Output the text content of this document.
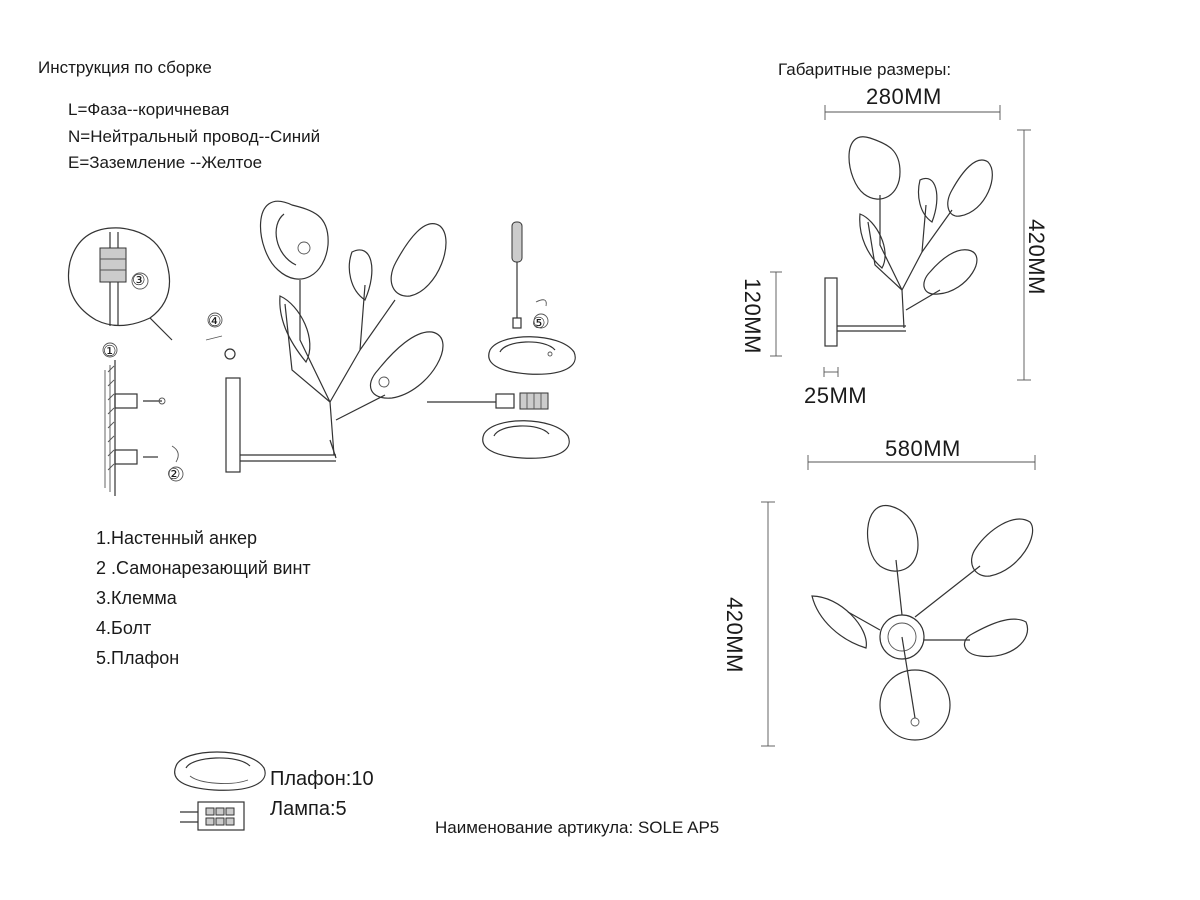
Инструкция по сборке	Габаритные размеры:
L=Фаза--коричневая
N=Нейтральный провод--Синий
E=Заземление --Желтое
1.Настенный анкер
2 .Самонарезающий винт
3.Клемма
4.Болт
5.Плафон
①
②
③
④	⑤
280MM
420MM
120MM
25MM
580MM
420MM
Плафон:10
Лампа:5
Наименование артикула: SOLE AP5
